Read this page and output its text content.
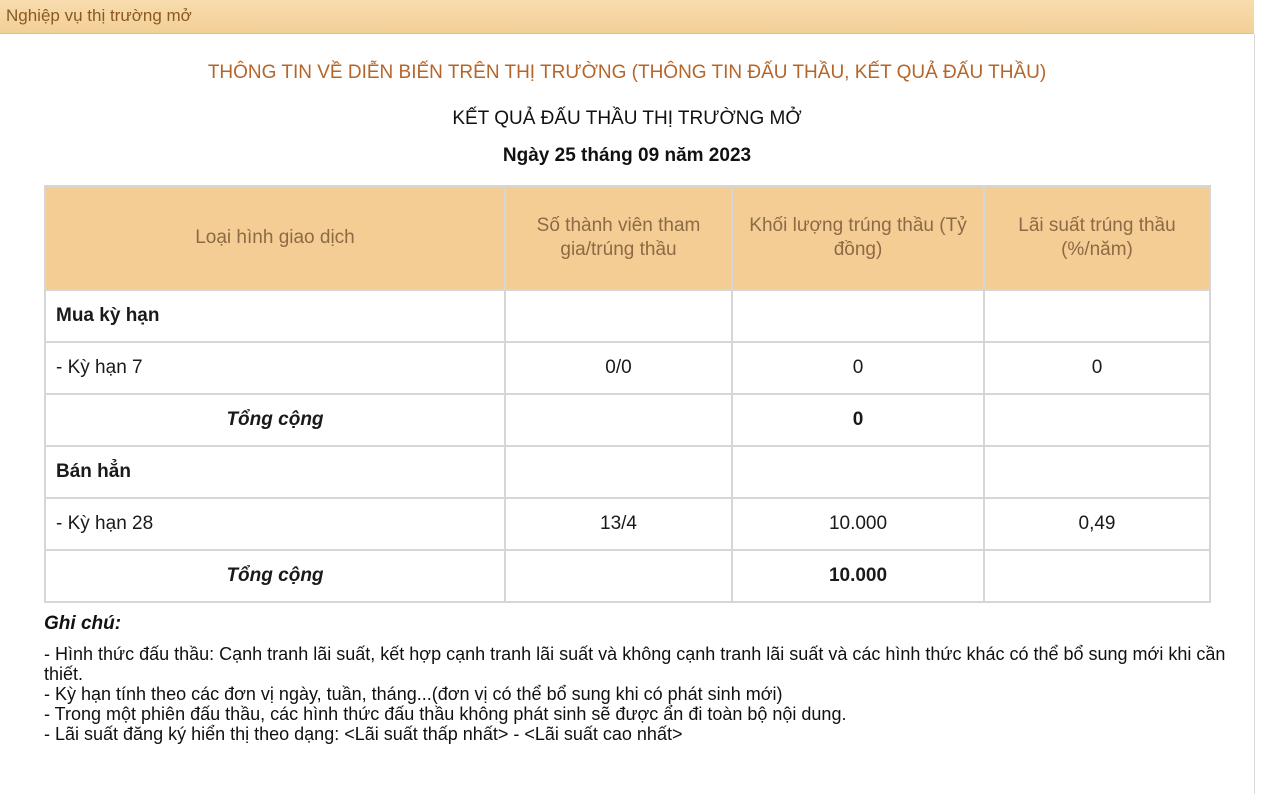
Nghiệp vụ thị trường mở
THÔNG TIN VỀ DIỄN BIẾN TRÊN THỊ TRƯỜNG (THÔNG TIN ĐẤU THẦU, KẾT QUẢ ĐẤU THẦU)
KẾT QUẢ ĐẤU THẦU THỊ TRƯỜNG MỞ
Ngày 25 tháng 09 năm 2023
Loại hình giao dịch	Số thành viên tham gia/trúng thầu	Khối lượng trúng thầu (Tỷ đồng)	Lãi suất trúng thầu (%/năm)
Mua kỳ hạn			
- Kỳ hạn 7	0/0	0	0
Tổng cộng		0	
Bán hẳn			
- Kỳ hạn 28	13/4	10.000	0,49
Tổng cộng		10.000	
Ghi chú:

- Hình thức đấu thầu: Cạnh tranh lãi suất, kết hợp cạnh tranh lãi suất và không cạnh tranh lãi suất và các hình thức khác có thể bổ sung mới khi cần thiết.

- Kỳ hạn tính theo các đơn vị ngày, tuần, tháng...(đơn vị có thể bổ sung khi có phát sinh mới)

- Trong một phiên đấu thầu, các hình thức đấu thầu không phát sinh sẽ được ẩn đi toàn bộ nội dung.

- Lãi suất đăng ký hiển thị theo dạng: <Lãi suất thấp nhất> - <Lãi suất cao nhất>
